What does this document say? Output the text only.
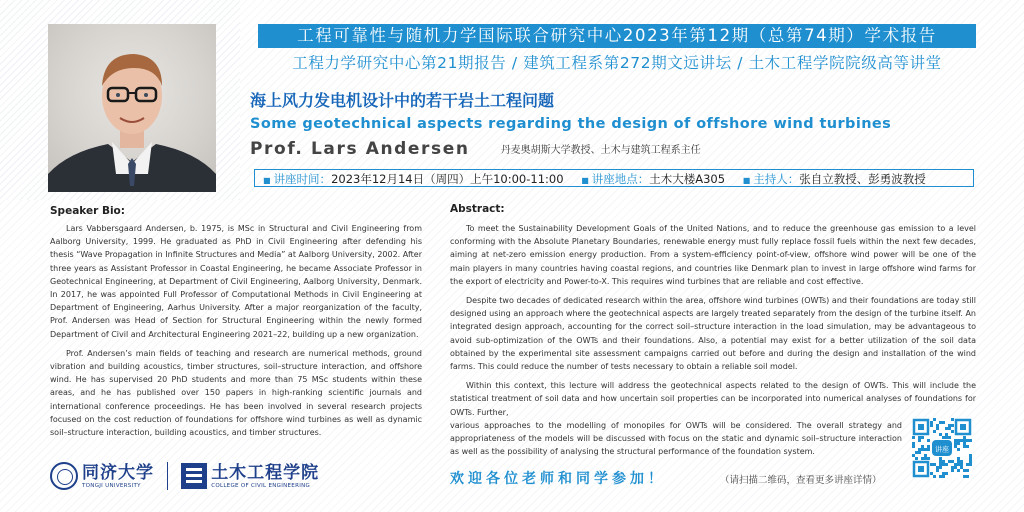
工程可靠性与随机力学国际联合研究中心2023年第12期（总第74期）学术报告
工程力学研究中心第21期报告 / 建筑工程系第272期文远讲坛 / 土木工程学院院级高等讲堂
海上风力发电机设计中的若干岩土工程问题
Some geotechnical aspects regarding the design of offshore wind turbines
Prof. Lars Andersen	丹麦奥胡斯大学教授、土木与建筑工程系主任
■ 讲座时间：2023年12月14日（周四）上午10:00-11:00 ■ 讲座地点：土木大楼A305 ■ 主持人：张自立教授、彭勇波教授
Speaker Bio:

Lars Vabbersgaard Andersen, b. 1975, is MSc in Structural and Civil Engineering from Aalborg University, 1999. He graduated as PhD in Civil Engineering after defending his thesis “Wave Propagation in Infinite Structures and Media” at Aalborg University, 2002. After three years as Assistant Professor in Coastal Engineering, he became Associate Professor in Geotechnical Engineering, at Department of Civil Engineering, Aalborg University, Denmark. In 2017, he was appointed Full Professor of Computational Methods in Civil Engineering at Department of Engineering, Aarhus University. After a major reorganization of the faculty, Prof. Andersen was Head of Section for Structural Engineering within the newly formed Department of Civil and Architectural Engineering 2021–22, building up a new organization.

Prof. Andersen’s main fields of teaching and research are numerical methods, ground vibration and building acoustics, timber structures, soil–structure interaction, and offshore wind. He has supervised 20 PhD students and more than 75 MSc students within these areas, and he has published over 150 papers in high-ranking scientific journals and international conference proceedings. He has been involved in several research projects focused on the cost reduction of foundations for offshore wind turbines as well as dynamic soil–structure interaction, building acoustics, and timber structures.

Abstract:

To meet the Sustainability Development Goals of the United Nations, and to reduce the greenhouse gas emission to a level conforming with the Absolute Planetary Boundaries, renewable energy must fully replace fossil fuels within the next few decades, aiming at net-zero emission energy production. From a system-efficiency point-of-view, offshore wind power will be one of the main players in many countries having coastal regions, and countries like Denmark plan to invest in large offshore wind farms for the export of electricity and Power-to-X. This requires wind turbines that are reliable and cost effective.

Despite two decades of dedicated research within the area, offshore wind turbines (OWTs) and their foundations are today still designed using an approach where the geotechnical aspects are largely treated separately from the design of the turbine itself. An integrated design approach, accounting for the correct soil–structure interaction in the load simulation, may be advantageous to avoid sub-optimization of the OWTs and their foundations. Also, a potential may exist for a better utilization of the soil data obtained by the experimental site assessment campaigns carried out before and during the design and installation of the wind farms. This could reduce the number of tests necessary to obtain a reliable soil model.

Within this context, this lecture will address the geotechnical aspects related to the design of OWTs. This will include the statistical treatment of soil data and how uncertain soil properties can be incorporated into numerical analyses of foundations for OWTs. Further,

various approaches to the modelling of monopiles for OWTs will be considered. The overall strategy and appropriateness of the models will be discussed with focus on the static and dynamic soil–structure interaction as well as the possibility of analysing the structural performance of the foundation system.

同济大学
TONGJI UNIVERSITY

土木工程学院
COLLEGE OF CIVIL ENGINEERING	欢迎各位老师和同学参加！	（请扫描二维码，查看更多讲座详情）
讲座
